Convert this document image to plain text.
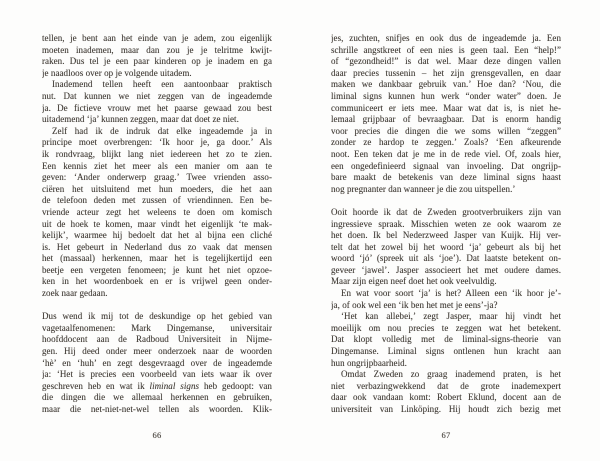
tellen, je bent aan het einde van je adem, zou eigenlijk
moeten inademen, maar dan zou je je telritme kwijt-
raken. Dus tel je een paar kinderen op je inadem en ga
je naadloos over op je volgende uitadem.
Inademend tellen heeft een aantoonbaar praktisch
nut. Dat kunnen we niet zeggen van de ingeademde
ja. De fictieve vrouw met het paarse gewaad zou best
uitademend ‘ja’ kunnen zeggen, maar dat doet ze niet.
Zelf had ik de indruk dat elke ingeademde ja in
principe moet overbrengen: ‘Ik hoor je, ga door.’ Als
ik rondvraag, blijkt lang niet iedereen het zo te zien.
Een kennis ziet het meer als een manier om aan te
geven: ‘Ander onderwerp graag.’ Twee vrienden asso-
ciëren het uitsluitend met hun moeders, die het aan
de telefoon deden met zussen of vriendinnen. Een be-
vriende acteur zegt het weleens te doen om komisch
uit de hoek te komen, maar vindt het eigenlijk ‘te mak-
kelijk’, waarmee hij bedoelt dat het al bijna een cliché
is. Het gebeurt in Nederland dus zo vaak dat mensen
het (massaal) herkennen, maar het is tegelijkertijd een
beetje een vergeten fenomeen; je kunt het niet opzoe-
ken in het woordenboek en er is vrijwel geen onder-
zoek naar gedaan.
Dus wend ik mij tot de deskundige op het gebied van
vagetaalfenomenen: Mark Dingemanse, universitair
hoofddocent aan de Radboud Universiteit in Nijme-
gen. Hij deed onder meer onderzoek naar de woorden
‘hè’ en ‘huh’ en zegt desgevraagd over de ingeademde
ja: ‘Het is precies een voorbeeld van iets waar ik over
geschreven heb en wat ik liminal signs heb gedoopt: van
die dingen die we allemaal herkennen en gebruiken,
maar die net-niet-net-wel tellen als woorden. Klik-
jes, zuchten, snifjes en ook dus de ingeademde ja. Een
schrille angstkreet of een nies is geen taal. Een “help!”
of “gezondheid!” is dat wel. Maar deze dingen vallen
daar precies tussenin – het zijn grensgevallen, en daar
maken we dankbaar gebruik van.’ Hoe dan? ‘Nou, die
liminal signs kunnen hun werk “onder water” doen. Je
communiceert er iets mee. Maar wat dat is, is niet he-
lemaal grijpbaar of bevraagbaar. Dat is enorm handig
voor precies die dingen die we soms willen “zeggen”
zonder ze hardop te zeggen.’ Zoals? ‘Een afkeurende
noot. Een teken dat je me in de rede viel. Of, zoals hier,
een ongedefinieerd signaal van invoeling. Dat ongrijp-
bare maakt de betekenis van deze liminal signs haast
nog pregnanter dan wanneer je die zou uitspellen.’
Ooit hoorde ik dat de Zweden grootverbruikers zijn van
ingressieve spraak. Misschien weten ze ook waarom ze
het doen. Ik bel Nederzweed Jasper van Kuijk. Hij ver-
telt dat het zowel bij het woord ‘ja’ gebeurt als bij het
woord ‘jó’ (spreek uit als ‘joe’). Dat laatste betekent on-
geveer ‘jawel’. Jasper associeert het met oudere dames.
Maar zijn eigen neef doet het ook veelvuldig.
En wat voor soort ‘ja’ is het? Alleen een ‘ik hoor je’-
ja, of ook wel een ‘ik ben het met je eens’-ja?
‘Het kan allebei,’ zegt Jasper, maar hij vindt het
moeilijk om nou precies te zeggen wat het betekent.
Dat klopt volledig met de liminal-signs-theorie van
Dingemanse. Liminal signs ontlenen hun kracht aan
hun ongrijpbaarheid.
Omdat Zweden zo graag inademend praten, is het
niet verbazingwekkend dat de grote inademexpert
daar ook vandaan komt: Robert Eklund, docent aan de
universiteit van Linköping. Hij houdt zich bezig met
66	67
